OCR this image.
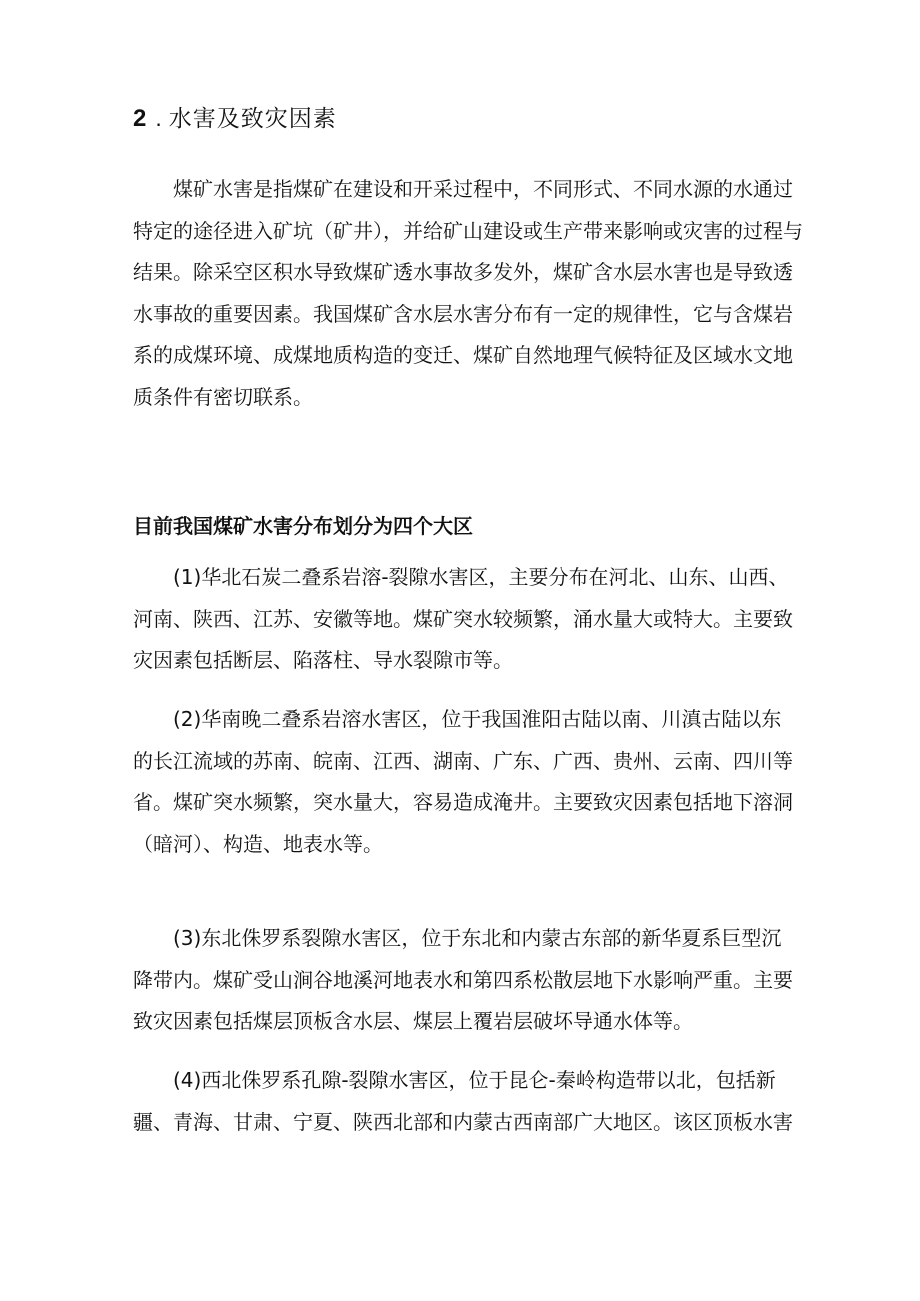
2 . 水害及致灾因素

煤矿水害是指煤矿在建设和开采过程中，不同形式、不同水源的水通过
特定的途径进入矿坑（矿井），并给矿山建设或生产带来影响或灾害的过程与
结果。除采空区积水导致煤矿透水事故多发外，煤矿含水层水害也是导致透
水事故的重要因素。我国煤矿含水层水害分布有一定的规律性，它与含煤岩
系的成煤环境、成煤地质构造的变迁、煤矿自然地理气候特征及区域水文地
质条件有密切联系。

目前我国煤矿水害分布划分为四个大区

(1)华北石炭二叠系岩溶-裂隙水害区，主要分布在河北、山东、山西、
河南、陕西、江苏、安徽等地。煤矿突水较频繁，涌水量大或特大。主要致
灾因素包括断层、陷落柱、导水裂隙市等。

(2)华南晚二叠系岩溶水害区，位于我国淮阳古陆以南、川滇古陆以东
的长江流域的苏南、皖南、江西、湖南、广东、广西、贵州、云南、四川等
省。煤矿突水频繁，突水量大，容易造成淹井。主要致灾因素包括地下溶洞
（暗河）、构造、地表水等。

(3)东北侏罗系裂隙水害区，位于东北和内蒙古东部的新华夏系巨型沉
降带内。煤矿受山涧谷地溪河地表水和第四系松散层地下水影响严重。主要
致灾因素包括煤层顶板含水层、煤层上覆岩层破坏导通水体等。

(4)西北侏罗系孔隙-裂隙水害区，位于昆仑-秦岭构造带以北，包括新
疆、青海、甘肃、宁夏、陕西北部和内蒙古西南部广大地区。该区顶板水害
